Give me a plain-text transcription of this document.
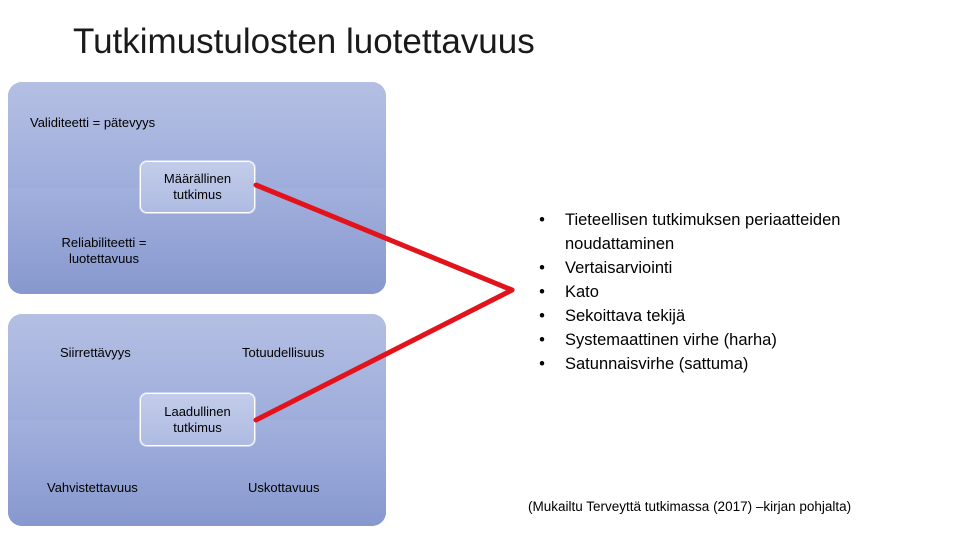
Tutkimustulosten luotettavuus
Validiteetti = pätevyys
Reliabiliteetti = luotettavuus
Siirrettävyys	Totuudellisuus
Vahvistettavuus	Uskottavuus
Määrällinen tutkimus
Laadullinen tutkimus
• Tieteellisen tutkimuksen periaatteiden noudattaminen
• Vertaisarviointi
• Kato
• Sekoittava tekijä
• Systemaattinen virhe (harha)
• Satunnaisvirhe (sattuma)
(Mukailtu Terveyttä tutkimassa (2017) –kirjan pohjalta)
